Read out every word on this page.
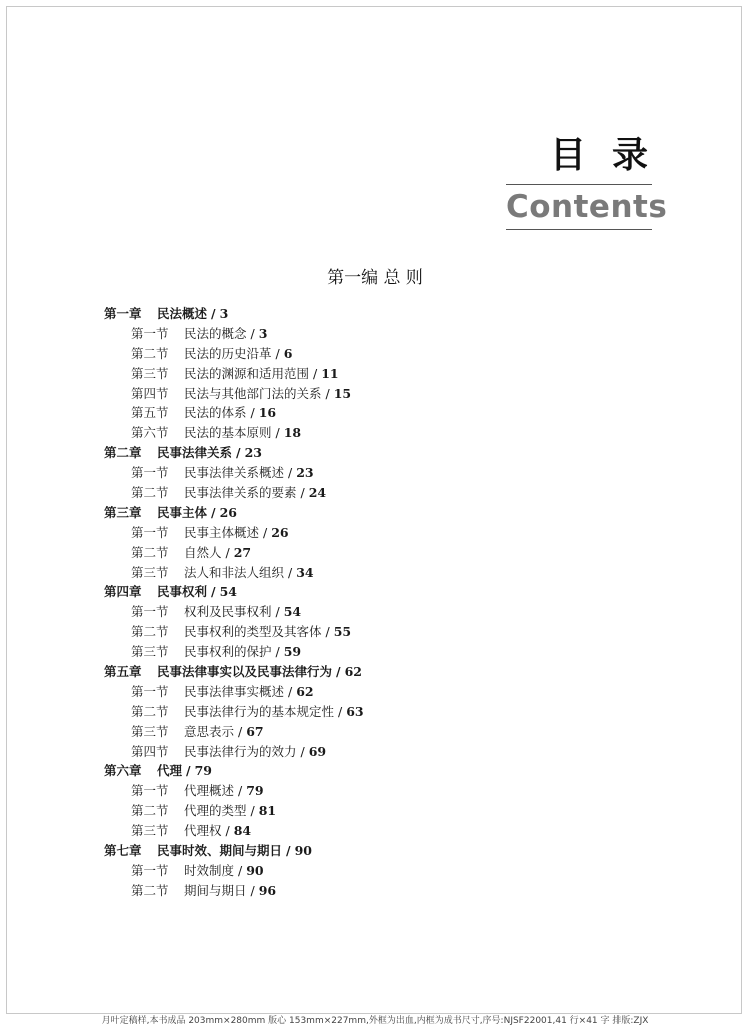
目录
Contents
第一编 总 则
第一章 民法概述 / 3
第一节 民法的概念 / 3
第二节 民法的历史沿革 / 6
第三节 民法的渊源和适用范围 / 11
第四节 民法与其他部门法的关系 / 15
第五节 民法的体系 / 16
第六节 民法的基本原则 / 18
第二章 民事法律关系 / 23
第一节 民事法律关系概述 / 23
第二节 民事法律关系的要素 / 24
第三章 民事主体 / 26
第一节 民事主体概述 / 26
第二节 自然人 / 27
第三节 法人和非法人组织 / 34
第四章 民事权利 / 54
第一节 权利及民事权利 / 54
第二节 民事权利的类型及其客体 / 55
第三节 民事权利的保护 / 59
第五章 民事法律事实以及民事法律行为 / 62
第一节 民事法律事实概述 / 62
第二节 民事法律行为的基本规定性 / 63
第三节 意思表示 / 67
第四节 民事法律行为的效力 / 69
第六章 代理 / 79
第一节 代理概述 / 79
第二节 代理的类型 / 81
第三节 代理权 / 84
第七章 民事时效、期间与期日 / 90
第一节 时效制度 / 90
第二节 期间与期日 / 96
月叶定稿样,本书成品 203mm×280mm 版心 153mm×227mm,外框为出血,内框为成书尺寸,序号:NJSF22001,41 行×41 字 排版:ZJX
